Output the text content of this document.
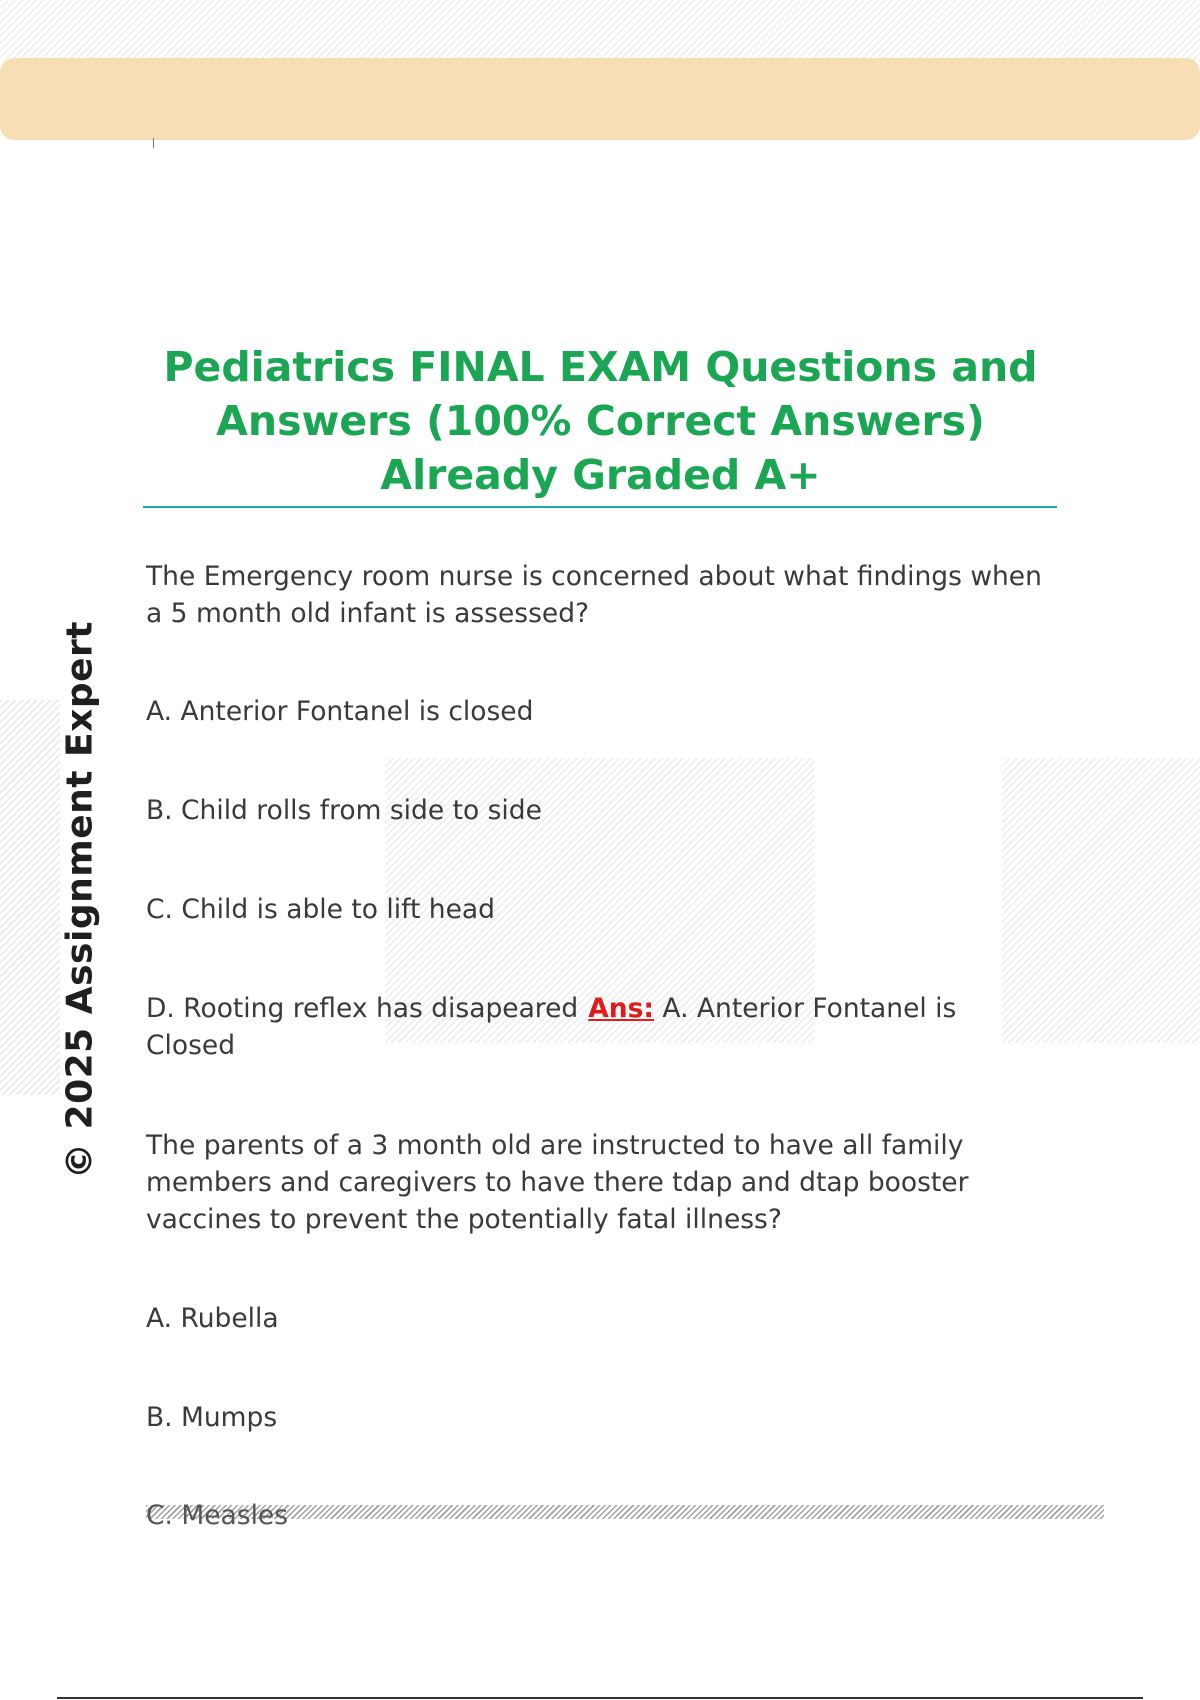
© 2025 Assignment Expert
Pediatrics FINAL EXAM Questions and Answers (100% Correct Answers) Already Graded A+

The Emergency room nurse is concerned about what findings when a 5 month old infant is assessed?

A. Anterior Fontanel is closed

B. Child rolls from side to side

C. Child is able to lift head

D. Rooting reflex has disapeared Ans: A. Anterior Fontanel is Closed

The parents of a 3 month old are instructed to have all family members and caregivers to have there tdap and dtap booster vaccines to prevent the potentially fatal illness?

A. Rubella

B. Mumps

C. Measles
